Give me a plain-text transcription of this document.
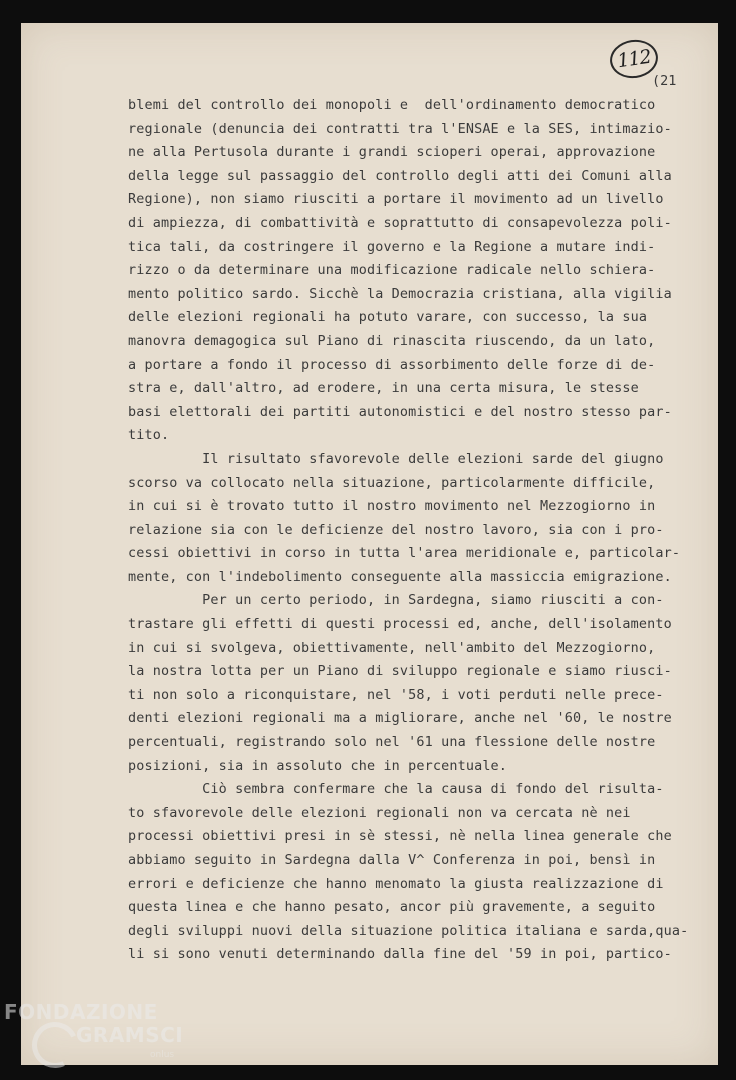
112
(21
blemi del controllo dei monopoli e  dell'ordinamento democratico
regionale (denuncia dei contratti tra l'ENSAE e la SES, intimazio-
ne alla Pertusola durante i grandi scioperi operai, approvazione
della legge sul passaggio del controllo degli atti dei Comuni alla
Regione), non siamo riusciti a portare il movimento ad un livello
di ampiezza, di combattività e soprattutto di consapevolezza poli-
tica tali, da costringere il governo e la Regione a mutare indi-
rizzo o da determinare una modificazione radicale nello schiera-
mento politico sardo. Sicchè la Democrazia cristiana, alla vigilia
delle elezioni regionali ha potuto varare, con successo, la sua
manovra demagogica sul Piano di rinascita riuscendo, da un lato,
a portare a fondo il processo di assorbimento delle forze di de-
stra e, dall'altro, ad erodere, in una certa misura, le stesse
basi elettorali dei partiti autonomistici e del nostro stesso par-
tito.
Il risultato sfavorevole delle elezioni sarde del giugno
scorso va collocato nella situazione, particolarmente difficile,
in cui si è trovato tutto il nostro movimento nel Mezzogiorno in
relazione sia con le deficienze del nostro lavoro, sia con i pro-
cessi obiettivi in corso in tutta l'area meridionale e, particolar-
mente, con l'indebolimento conseguente alla massiccia emigrazione.
Per un certo periodo, in Sardegna, siamo riusciti a con-
trastare gli effetti di questi processi ed, anche, dell'isolamento
in cui si svolgeva, obiettivamente, nell'ambito del Mezzogiorno,
la nostra lotta per un Piano di sviluppo regionale e siamo riusci-
ti non solo a riconquistare, nel '58, i voti perduti nelle prece-
denti elezioni regionali ma a migliorare, anche nel '60, le nostre
percentuali, registrando solo nel '61 una flessione delle nostre
posizioni, sia in assoluto che in percentuale.
Ciò sembra confermare che la causa di fondo del risulta-
to sfavorevole delle elezioni regionali non va cercata nè nei
processi obiettivi presi in sè stessi, nè nella linea generale che
abbiamo seguito in Sardegna dalla V^ Conferenza in poi, bensì in
errori e deficienze che hanno menomato la giusta realizzazione di
questa linea e che hanno pesato, ancor più gravemente, a seguito
degli sviluppi nuovi della situazione politica italiana e sarda,qua-
li si sono venuti determinando dalla fine del '59 in poi, partico-
FONDAZIONE
GRAMSCI
onlus
